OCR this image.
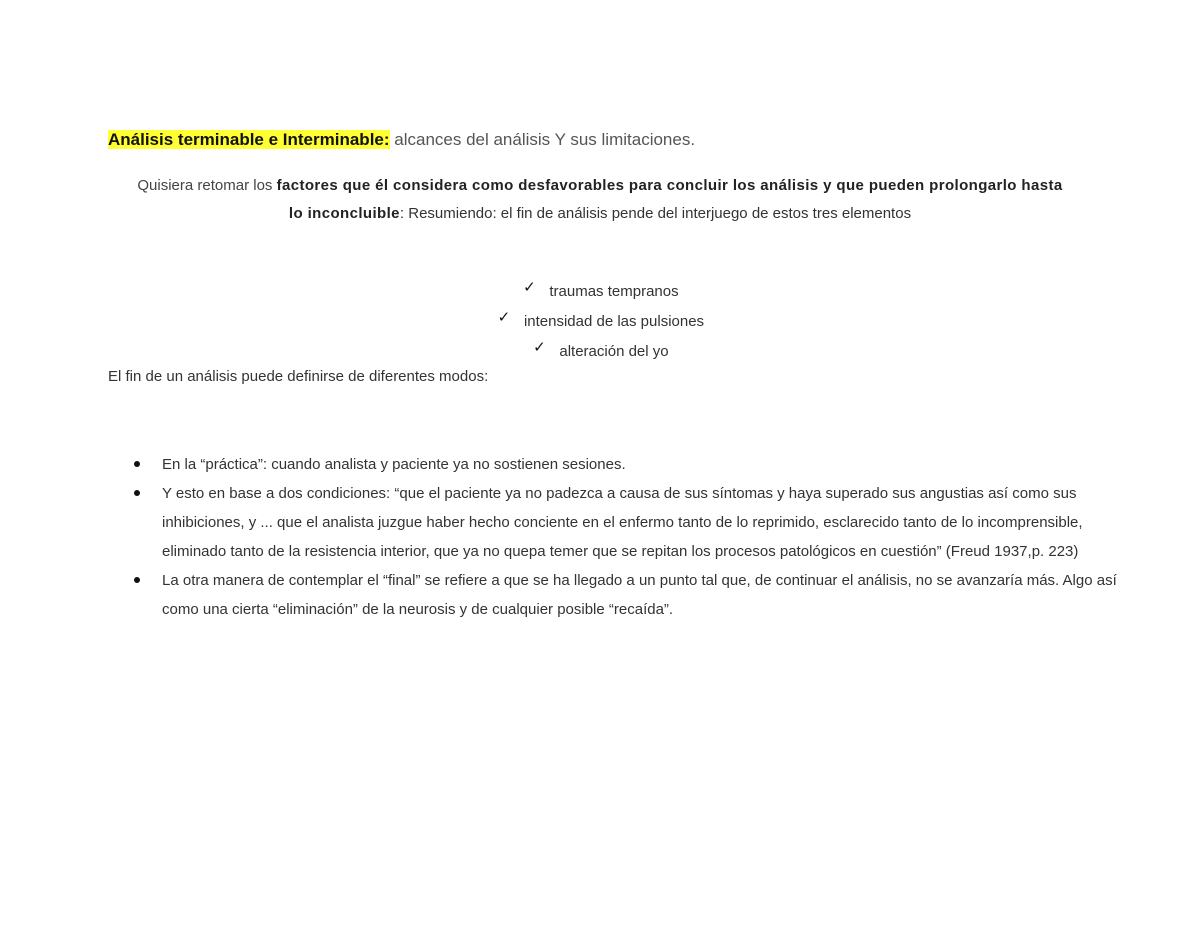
Análisis terminable e Interminable: alcances del análisis Y sus limitaciones.
Quisiera retomar los factores que él considera como desfavorables para concluir los análisis y que pueden prolongarlo hasta
lo inconcluible: Resumiendo: el fin de análisis pende del interjuego de estos tres elementos
✓ traumas tempranos
✓ intensidad de las pulsiones
✓ alteración del yo
El fin de un análisis puede definirse de diferentes modos:
En la “práctica”: cuando analista y paciente ya no sostienen sesiones.
Y esto en base a dos condiciones: “que el paciente ya no padezca a causa de sus síntomas y haya superado sus angustias así como sus inhibiciones, y ... que el analista juzgue haber hecho conciente en el enfermo tanto de lo reprimido, esclarecido tanto de lo incomprensible, eliminado tanto de la resistencia interior, que ya no quepa temer que se repitan los procesos patológicos en cuestión” (Freud 1937,p. 223)
La otra manera de contemplar el “final” se refiere a que se ha llegado a un punto tal que, de continuar el análisis, no se avanzaría más. Algo así como una cierta “eliminación” de la neurosis y de cualquier posible “recaída”.
